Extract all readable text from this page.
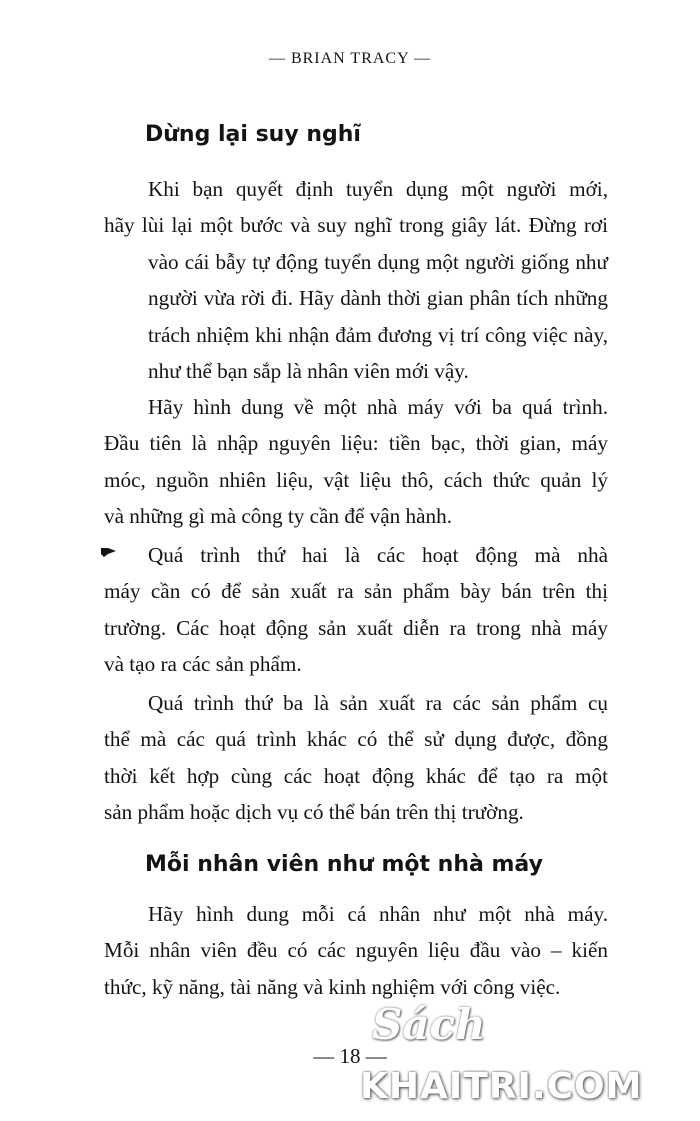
— BRIAN TRACY —
Dừng lại suy nghĩ

Khi bạn quyết định tuyển dụng một người mới,
hãy lùi lại một bước và suy nghĩ trong giây lát. Đừng rơi
vào cái bẫy tự động tuyển dụng một người giống như
người vừa rời đi. Hãy dành thời gian phân tích những
trách nhiệm khi nhận đảm đương vị trí công việc này,
như thể bạn sắp là nhân viên mới vậy.

Hãy hình dung về một nhà máy với ba quá trình.
Đầu tiên là nhập nguyên liệu: tiền bạc, thời gian, máy
móc, nguồn nhiên liệu, vật liệu thô, cách thức quản lý
và những gì mà công ty cần để vận hành.

Quá trình thứ hai là các hoạt động mà nhà
máy cần có để sản xuất ra sản phẩm bày bán trên thị
trường. Các hoạt động sản xuất diễn ra trong nhà máy
và tạo ra các sản phẩm.

Quá trình thứ ba là sản xuất ra các sản phẩm cụ
thể mà các quá trình khác có thể sử dụng được, đồng
thời kết hợp cùng các hoạt động khác để tạo ra một
sản phẩm hoặc dịch vụ có thể bán trên thị trường.

Mỗi nhân viên như một nhà máy

Hãy hình dung mỗi cá nhân như một nhà máy.
Mỗi nhân viên đều có các nguyên liệu đầu vào – kiến
thức, kỹ năng, tài năng và kinh nghiệm với công việc.

— 18 —
Sách
KHAITRI.COM
